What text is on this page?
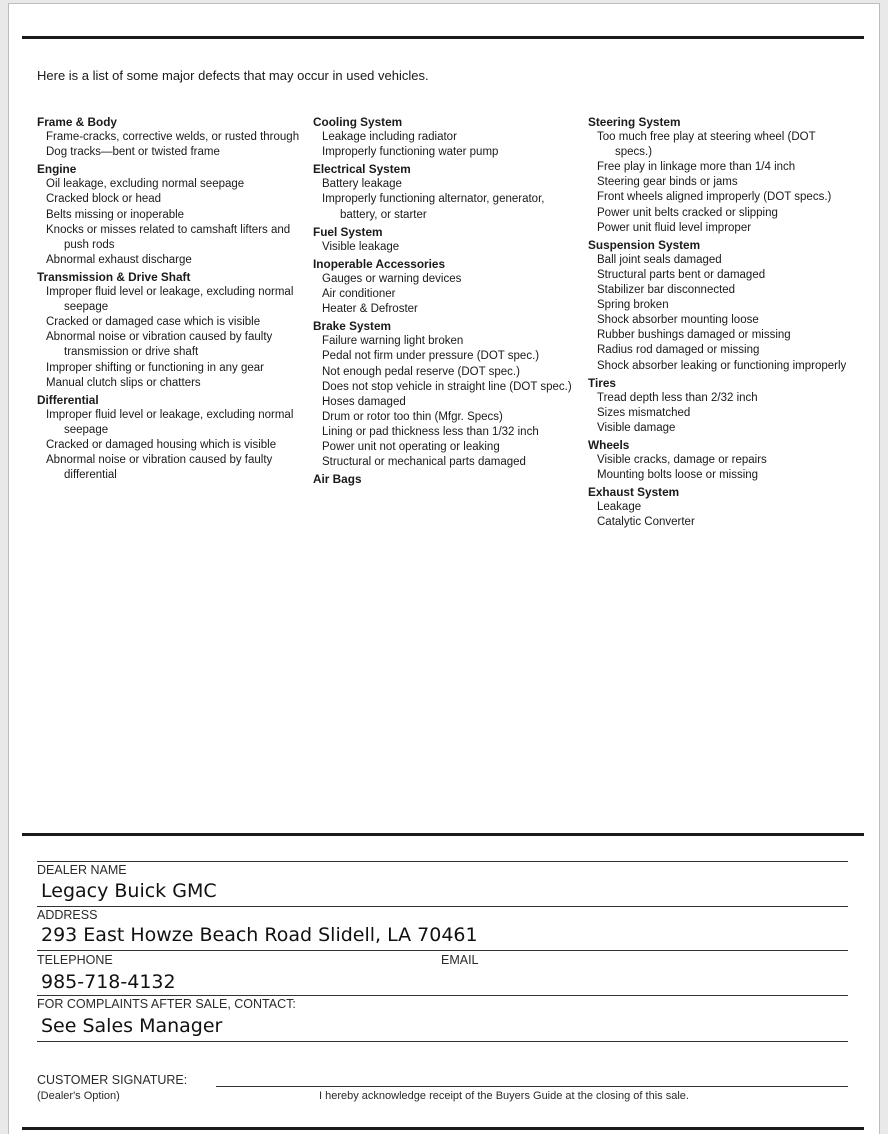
Here is a list of some major defects that may occur in used vehicles.
Frame & Body
Frame-cracks, corrective welds, or rusted through
Dog tracks—bent or twisted frame
Engine
Oil leakage, excluding normal seepage
Cracked block or head
Belts missing or inoperable
Knocks or misses related to camshaft lifters and push rods
Abnormal exhaust discharge
Transmission & Drive Shaft
Improper fluid level or leakage, excluding normal seepage
Cracked or damaged case which is visible
Abnormal noise or vibration caused by faulty transmission or drive shaft
Improper shifting or functioning in any gear
Manual clutch slips or chatters
Differential
Improper fluid level or leakage, excluding normal seepage
Cracked or damaged housing which is visible
Abnormal noise or vibration caused by faulty differential
Cooling System
Leakage including radiator
Improperly functioning water pump
Electrical System
Battery leakage
Improperly functioning alternator, generator, battery, or starter
Fuel System
Visible leakage
Inoperable Accessories
Gauges or warning devices
Air conditioner
Heater & Defroster
Brake System
Failure warning light broken
Pedal not firm under pressure (DOT spec.)
Not enough pedal reserve (DOT spec.)
Does not stop vehicle in straight line (DOT spec.)
Hoses damaged
Drum or rotor too thin (Mfgr. Specs)
Lining or pad thickness less than 1/32 inch
Power unit not operating or leaking
Structural or mechanical parts damaged
Air Bags
Steering System
Too much free play at steering wheel (DOT specs.)
Free play in linkage more than 1/4 inch
Steering gear binds or jams
Front wheels aligned improperly (DOT specs.)
Power unit belts cracked or slipping
Power unit fluid level improper
Suspension System
Ball joint seals damaged
Structural parts bent or damaged
Stabilizer bar disconnected
Spring broken
Shock absorber mounting loose
Rubber bushings damaged or missing
Radius rod damaged or missing
Shock absorber leaking or functioning improperly
Tires
Tread depth less than 2/32 inch
Sizes mismatched
Visible damage
Wheels
Visible cracks, damage or repairs
Mounting bolts loose or missing
Exhaust System
Leakage
Catalytic Converter
DEALER NAME
Legacy Buick GMC
ADDRESS
293 East Howze Beach Road Slidell, LA 70461
TELEPHONE	EMAIL
985-718-4132
FOR COMPLAINTS AFTER SALE, CONTACT:
See Sales Manager
CUSTOMER SIGNATURE:
(Dealer's Option)	I hereby acknowledge receipt of the Buyers Guide at the closing of this sale.
